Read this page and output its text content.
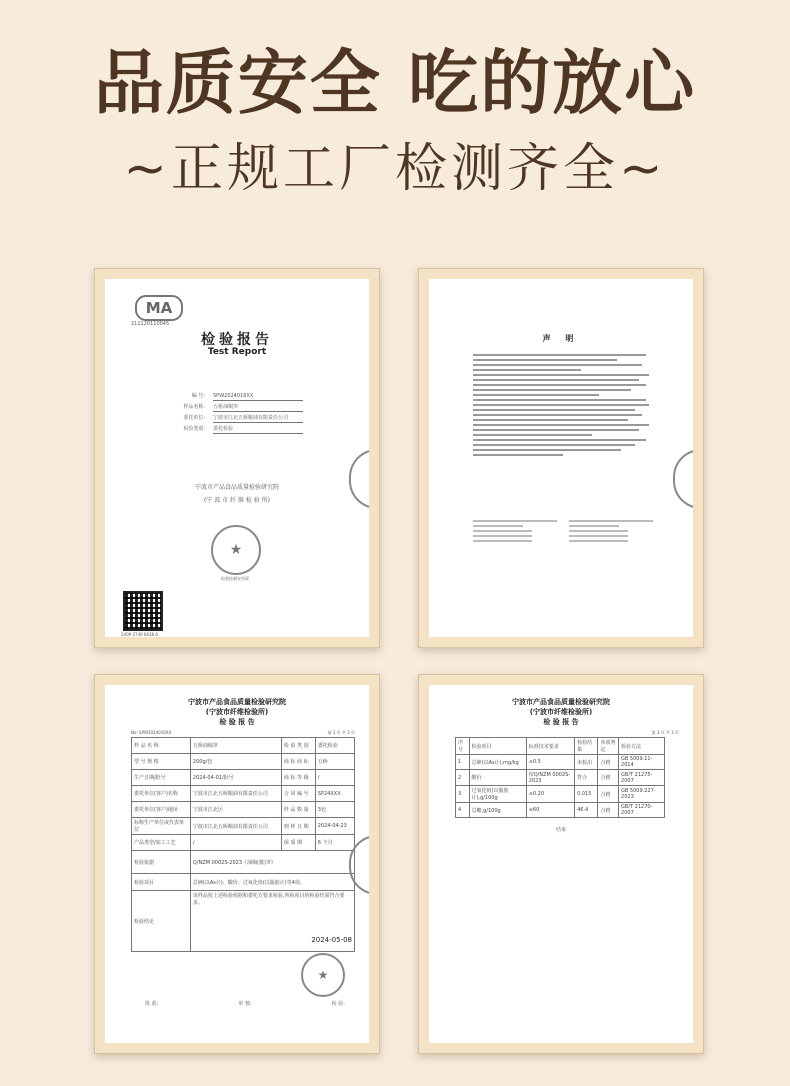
品质安全 吃的放心
~正规工厂检测齐全~
MA
211120110045
检验报告
Test Report
编 号: SPW2024016XX
样品名称: 五桥油焖笋
委托单位: 宁波市江北五桥粮油有限责任公司
检验类别: 委托检验
宁波市产品食品质量检验研究院
(宁 波 市 纤 维 检 验 所)
★
检验检测专用章
2409 2749 6638 6
声 明
宁波市产品食品质量检验研究院
(宁波市纤维检验所)
检 验 报 告
No: SPW2024016XX	第 1 页 共 3 页
样 品 名 称	五桥油焖笋	检 验 类 别	委托检验
型 号 规 格	200g/包	商 标 商 标	五桥
生产日期/批号	2024-04-01/批号	商 标 等 级	/
委托单位(客户)名称	宁波市江北五桥粮油有限责任公司	合 同 编 号	SP24XXX
委托单位(客户)地址	宁波市江北区	样 品 数 量	3包
标称生产单位或代表单位	宁波市江北五桥粮油有限责任公司	到 样 日 期	2024-04-23
产品类型/加工工艺	/	保 质 期	6 个月
检验依据	Q/NZM 0002S-2023《油焖(酱)笋》		
检验项目	总砷(以As计)、酸价、过氧化值(以脂肪计)等4项。		
检验结论	该样品按上述检验依据和委托方要求检验,所检项目的检验结果符合要求。
2024-05-08		
★
批 准:	审 核:	检 验:
宁波市产品食品质量检验研究院
(宁波市纤维检验所)
检 验 报 告
第 3 页 共 3 页
序号	检验项目	标准技术要求	检验结果	单项判定	检验方法
1	总砷(以As计),mg/kg	≤0.5	未检出	合格	GB 5009.11-2014
2	酸价	按Q/NZM 0002S-2023	符合	合格	GB/T 21275-2007
3	过氧化值(以脂肪计),g/100g	≤0.20	0.015	合格	GB 5009.227-2023
4	总糖,g/100g	≤60	46.4	合格	GB/T 21270-2007
结束
